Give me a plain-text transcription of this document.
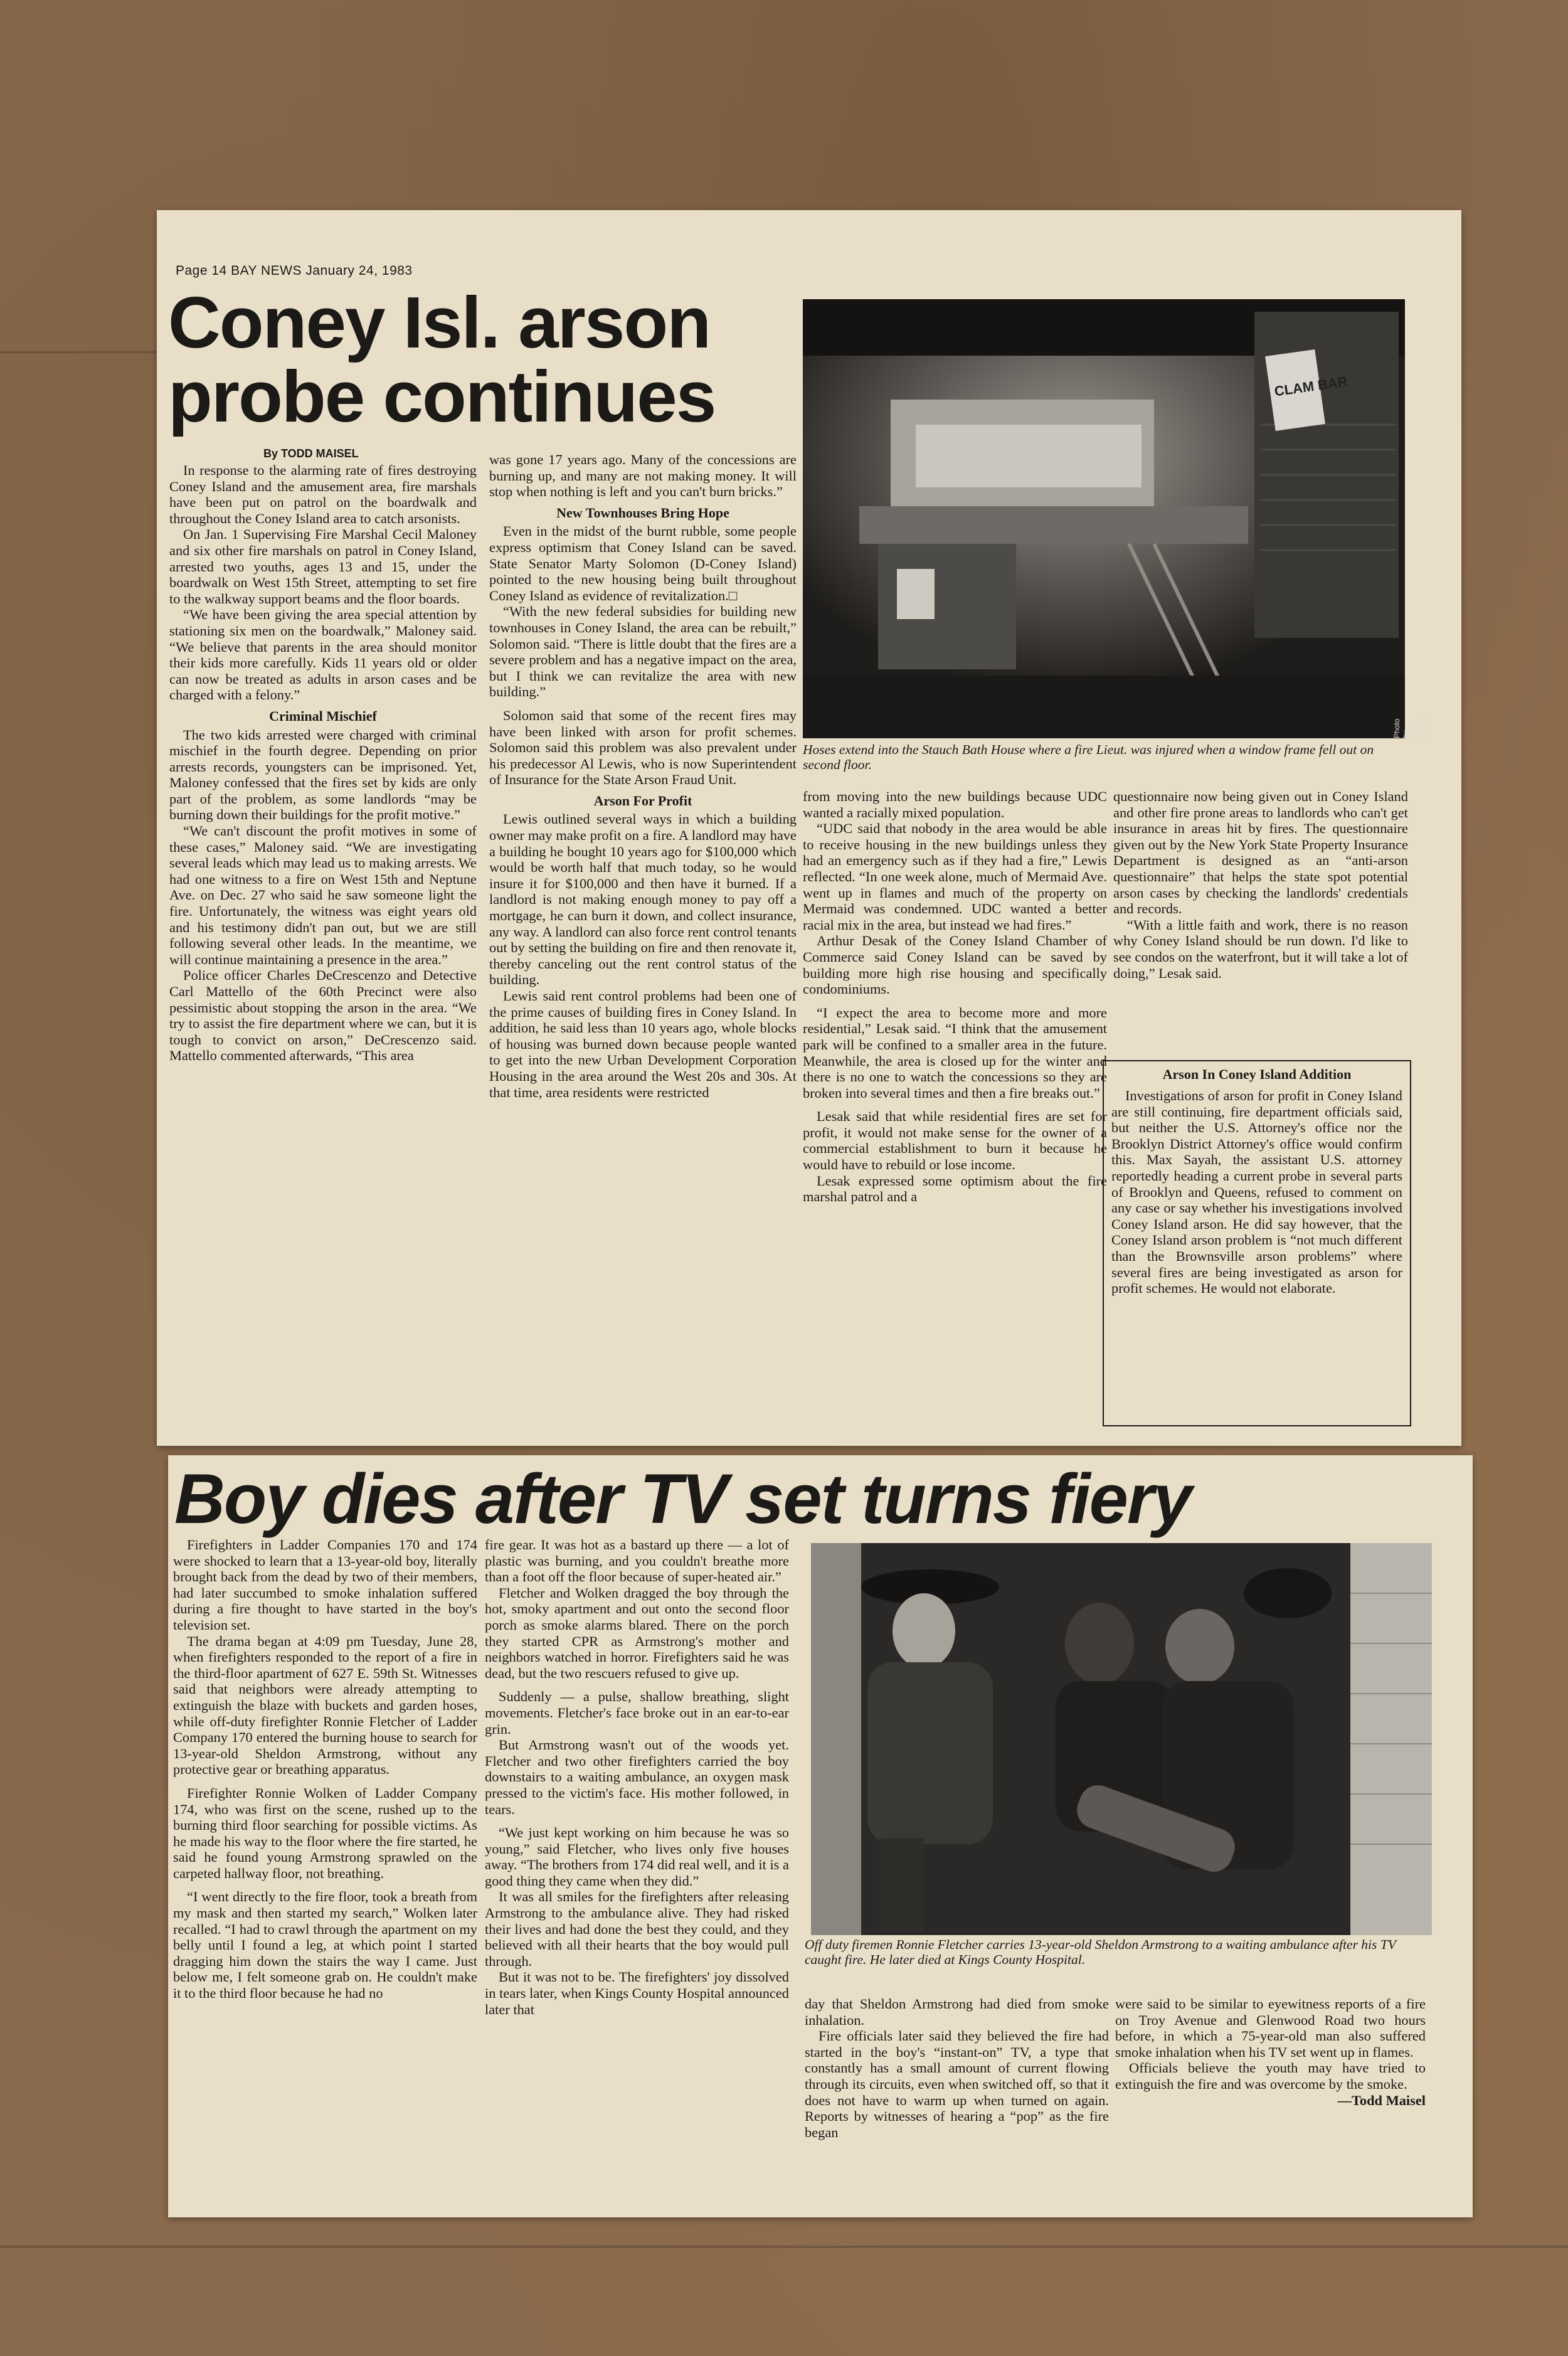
Page 14 BAY NEWS January 24, 1983
Coney Isl. arson probe continues
By TODD MAISEL

In response to the alarming rate of fires destroying Coney Island and the amusement area, fire marshals have been put on patrol on the boardwalk and throughout the Coney Island area to catch arsonists.

On Jan. 1 Supervising Fire Marshal Cecil Maloney and six other fire marshals on patrol in Coney Island, arrested two youths, ages 13 and 15, under the boardwalk on West 15th Street, attempting to set fire to the walkway support beams and the floor boards.

“We have been giving the area special attention by stationing six men on the boardwalk,” Maloney said. “We believe that parents in the area should monitor their kids more carefully. Kids 11 years old or older can now be treated as adults in arson cases and be charged with a felony.”

Criminal Mischief

The two kids arrested were charged with criminal mischief in the fourth degree. Depending on prior arrests records, youngsters can be imprisoned. Yet, Maloney confessed that the fires set by kids are only part of the problem, as some landlords “may be burning down their buildings for the profit motive.”

“We can't discount the profit motives in some of these cases,” Maloney said. “We are investigating several leads which may lead us to making arrests. We had one witness to a fire on West 15th and Neptune Ave. on Dec. 27 who said he saw someone light the fire. Unfortunately, the witness was eight years old and his testimony didn't pan out, but we are still following several other leads. In the meantime, we will continue maintaining a presence in the area.”

Police officer Charles DeCrescenzo and Detective Carl Mattello of the 60th Precinct were also pessimistic about stopping the arson in the area. “We try to assist the fire department where we can, but it is tough to convict on arson,” DeCrescenzo said. Mattello commented afterwards, “This area

was gone 17 years ago. Many of the concessions are burning up, and many are not making money. It will stop when nothing is left and you can't burn bricks.”

New Townhouses Bring Hope

Even in the midst of the burnt rubble, some people express optimism that Coney Island can be saved. State Senator Marty Solomon (D-Coney Island) pointed to the new housing being built throughout Coney Island as evidence of revitalization.□

“With the new federal subsidies for building new townhouses in Coney Island, the area can be rebuilt,” Solomon said. “There is little doubt that the fires are a severe problem and has a negative impact on the area, but I think we can revitalize the area with new building.”

Solomon said that some of the recent fires may have been linked with arson for profit schemes. Solomon said this problem was also prevalent under his predecessor Al Lewis, who is now Superintendent of Insurance for the State Arson Fraud Unit.

Arson For Profit

Lewis outlined several ways in which a building owner may make profit on a fire. A landlord may have a building he bought 10 years ago for $100,000 which would be worth half that much today, so he would insure it for $100,000 and then have it burned. If a landlord is not making enough money to pay off a mortgage, he can burn it down, and collect insurance, any way. A landlord can also force rent control tenants out by setting the building on fire and then renovate it, thereby canceling out the rent control status of the building.

Lewis said rent control problems had been one of the prime causes of building fires in Coney Island. In addition, he said less than 10 years ago, whole blocks of housing was burned down because people wanted to get into the new Urban Development Corporation Housing in the area around the West 20s and 30s. At that time, area residents were restricted

CLAM BAR
Photo by Todd Maisel

Hoses extend into the Stauch Bath House where a fire Lieut. was injured when a window frame fell out on second floor.

from moving into the new buildings because UDC wanted a racially mixed population.

“UDC said that nobody in the area would be able to receive housing in the new buildings unless they had an emergency such as if they had a fire,” Lewis reflected. “In one week alone, much of Mermaid Ave. went up in flames and much of the property on Mermaid was condemned. UDC wanted a better racial mix in the area, but instead we had fires.”

Arthur Desak of the Coney Island Chamber of Commerce said Coney Island can be saved by building more high rise housing and specifically condominiums.

“I expect the area to become more and more residential,” Lesak said. “I think that the amusement park will be confined to a smaller area in the future. Meanwhile, the area is closed up for the winter and there is no one to watch the concessions so they are broken into several times and then a fire breaks out.”

Lesak said that while residential fires are set for profit, it would not make sense for the owner of a commercial establishment to burn it because he would have to rebuild or lose income.

Lesak expressed some optimism about the fire marshal patrol and a

questionnaire now being given out in Coney Island and other fire prone areas to landlords who can't get insurance in areas hit by fires. The questionnaire given out by the New York State Property Insurance Department is designed as an “anti-arson questionnaire” that helps the state spot potential arson cases by checking the landlords' credentials and records.

“With a little faith and work, there is no reason why Coney Island should be run down. I'd like to see condos on the waterfront, but it will take a lot of doing,” Lesak said.

Arson In Coney Island Addition

Investigations of arson for profit in Coney Island are still continuing, fire department officials said, but neither the U.S. Attorney's office nor the Brooklyn District Attorney's office would confirm this. Max Sayah, the assistant U.S. attorney reportedly heading a current probe in several parts of Brooklyn and Queens, refused to comment on any case or say whether his investigations involved Coney Island arson. He did say however, that the Coney Island arson problem is “not much different than the Brownsville arson problems” where several fires are being investigated as arson for profit schemes. He would not elaborate.

Boy dies after TV set turns fiery

Firefighters in Ladder Companies 170 and 174 were shocked to learn that a 13-year-old boy, literally brought back from the dead by two of their members, had later succumbed to smoke inhalation suffered during a fire thought to have started in the boy's television set.

The drama began at 4:09 pm Tuesday, June 28, when firefighters responded to the report of a fire in the third-floor apartment of 627 E. 59th St. Witnesses said that neighbors were already attempting to extinguish the blaze with buckets and garden hoses, while off-duty firefighter Ronnie Fletcher of Ladder Company 170 entered the burning house to search for 13-year-old Sheldon Armstrong, without any protective gear or breathing apparatus.

Firefighter Ronnie Wolken of Ladder Company 174, who was first on the scene, rushed up to the burning third floor searching for possible victims. As he made his way to the floor where the fire started, he said he found young Armstrong sprawled on the carpeted hallway floor, not breathing.

“I went directly to the fire floor, took a breath from my mask and then started my search,” Wolken later recalled. “I had to crawl through the apartment on my belly until I found a leg, at which point I started dragging him down the stairs the way I came. Just below me, I felt someone grab on. He couldn't make it to the third floor because he had no

fire gear. It was hot as a bastard up there — a lot of plastic was burning, and you couldn't breathe more than a foot off the floor because of super-heated air.”

Fletcher and Wolken dragged the boy through the hot, smoky apartment and out onto the second floor porch as smoke alarms blared. There on the porch they started CPR as Armstrong's mother and neighbors watched in horror. Firefighters said he was dead, but the two rescuers refused to give up.

Suddenly — a pulse, shallow breathing, slight movements. Fletcher's face broke out in an ear-to-ear grin.

But Armstrong wasn't out of the woods yet. Fletcher and two other firefighters carried the boy downstairs to a waiting ambulance, an oxygen mask pressed to the victim's face. His mother followed, in tears.

“We just kept working on him because he was so young,” said Fletcher, who lives only five houses away. “The brothers from 174 did real well, and it is a good thing they came when they did.”

It was all smiles for the firefighters after releasing Armstrong to the ambulance alive. They had risked their lives and had done the best they could, and they believed with all their hearts that the boy would pull through.

But it was not to be. The firefighters' joy dissolved in tears later, when Kings County Hospital announced later that

Off duty firemen Ronnie Fletcher carries 13-year-old Sheldon Armstrong to a waiting ambulance after his TV caught fire. He later died at Kings County Hospital.

day that Sheldon Armstrong had died from smoke inhalation.

Fire officials later said they believed the fire had started in the boy's “instant-on” TV, a type that constantly has a small amount of current flowing through its circuits, even when switched off, so that it does not have to warm up when turned on again. Reports by witnesses of hearing a “pop” as the fire began

were said to be similar to eyewitness reports of a fire on Troy Avenue and Glenwood Road two hours before, in which a 75-year-old man also suffered smoke inhalation when his TV set went up in flames.

Officials believe the youth may have tried to extinguish the fire and was overcome by the smoke.

—Todd Maisel
